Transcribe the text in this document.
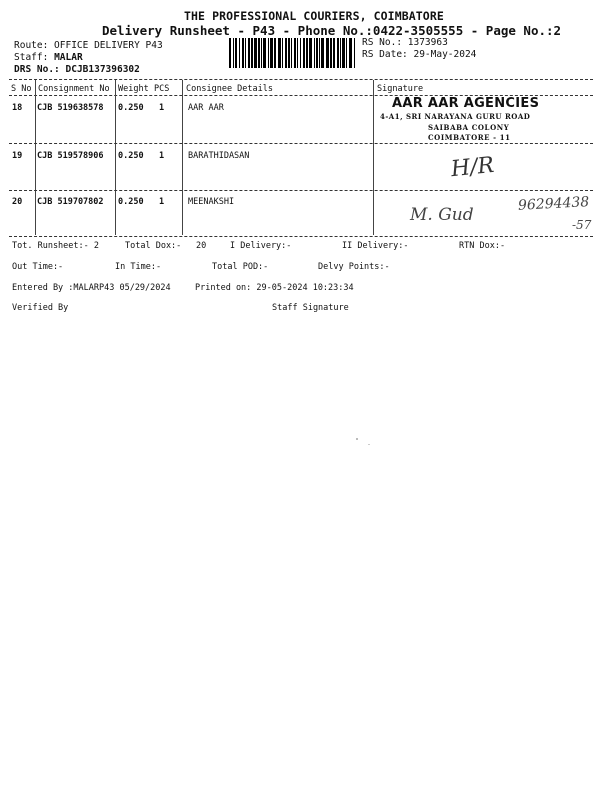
THE PROFESSIONAL COURIERS, COIMBATORE
Delivery Runsheet - P43 - Phone No.:0422-3505555 - Page No.:2
Route: OFFICE DELIVERY P43
Staff: MALAR
DRS No.: DCJB137396302
RS No.: 1373963
RS Date: 29-May-2024
S No Consignment No Weight PCS Consignee Details	Signature
18 CJB 519638578 0.250 1	AAR AAR	AAR AAR AGENCIES
4-A1, SRI NARAYANA GURU ROAD
SAIBABA COLONY
COIMBATORE - 11
19 CJB 519578906 0.250 1	BARATHIDASAN	H/R
20 CJB 519707802 0.250 1	MEENAKSHI
M. Gud
96294438
-57
Tot. Runsheet:- 2	Total Dox:- 20	I Delivery:-	II Delivery:-	RTN Dox:-
Out Time:-	In Time:-	Total POD:-	Delvy Points:-
Entered By :MALARP43 05/29/2024	Printed on: 29-05-2024 10:23:34
Verified By	Staff Signature
